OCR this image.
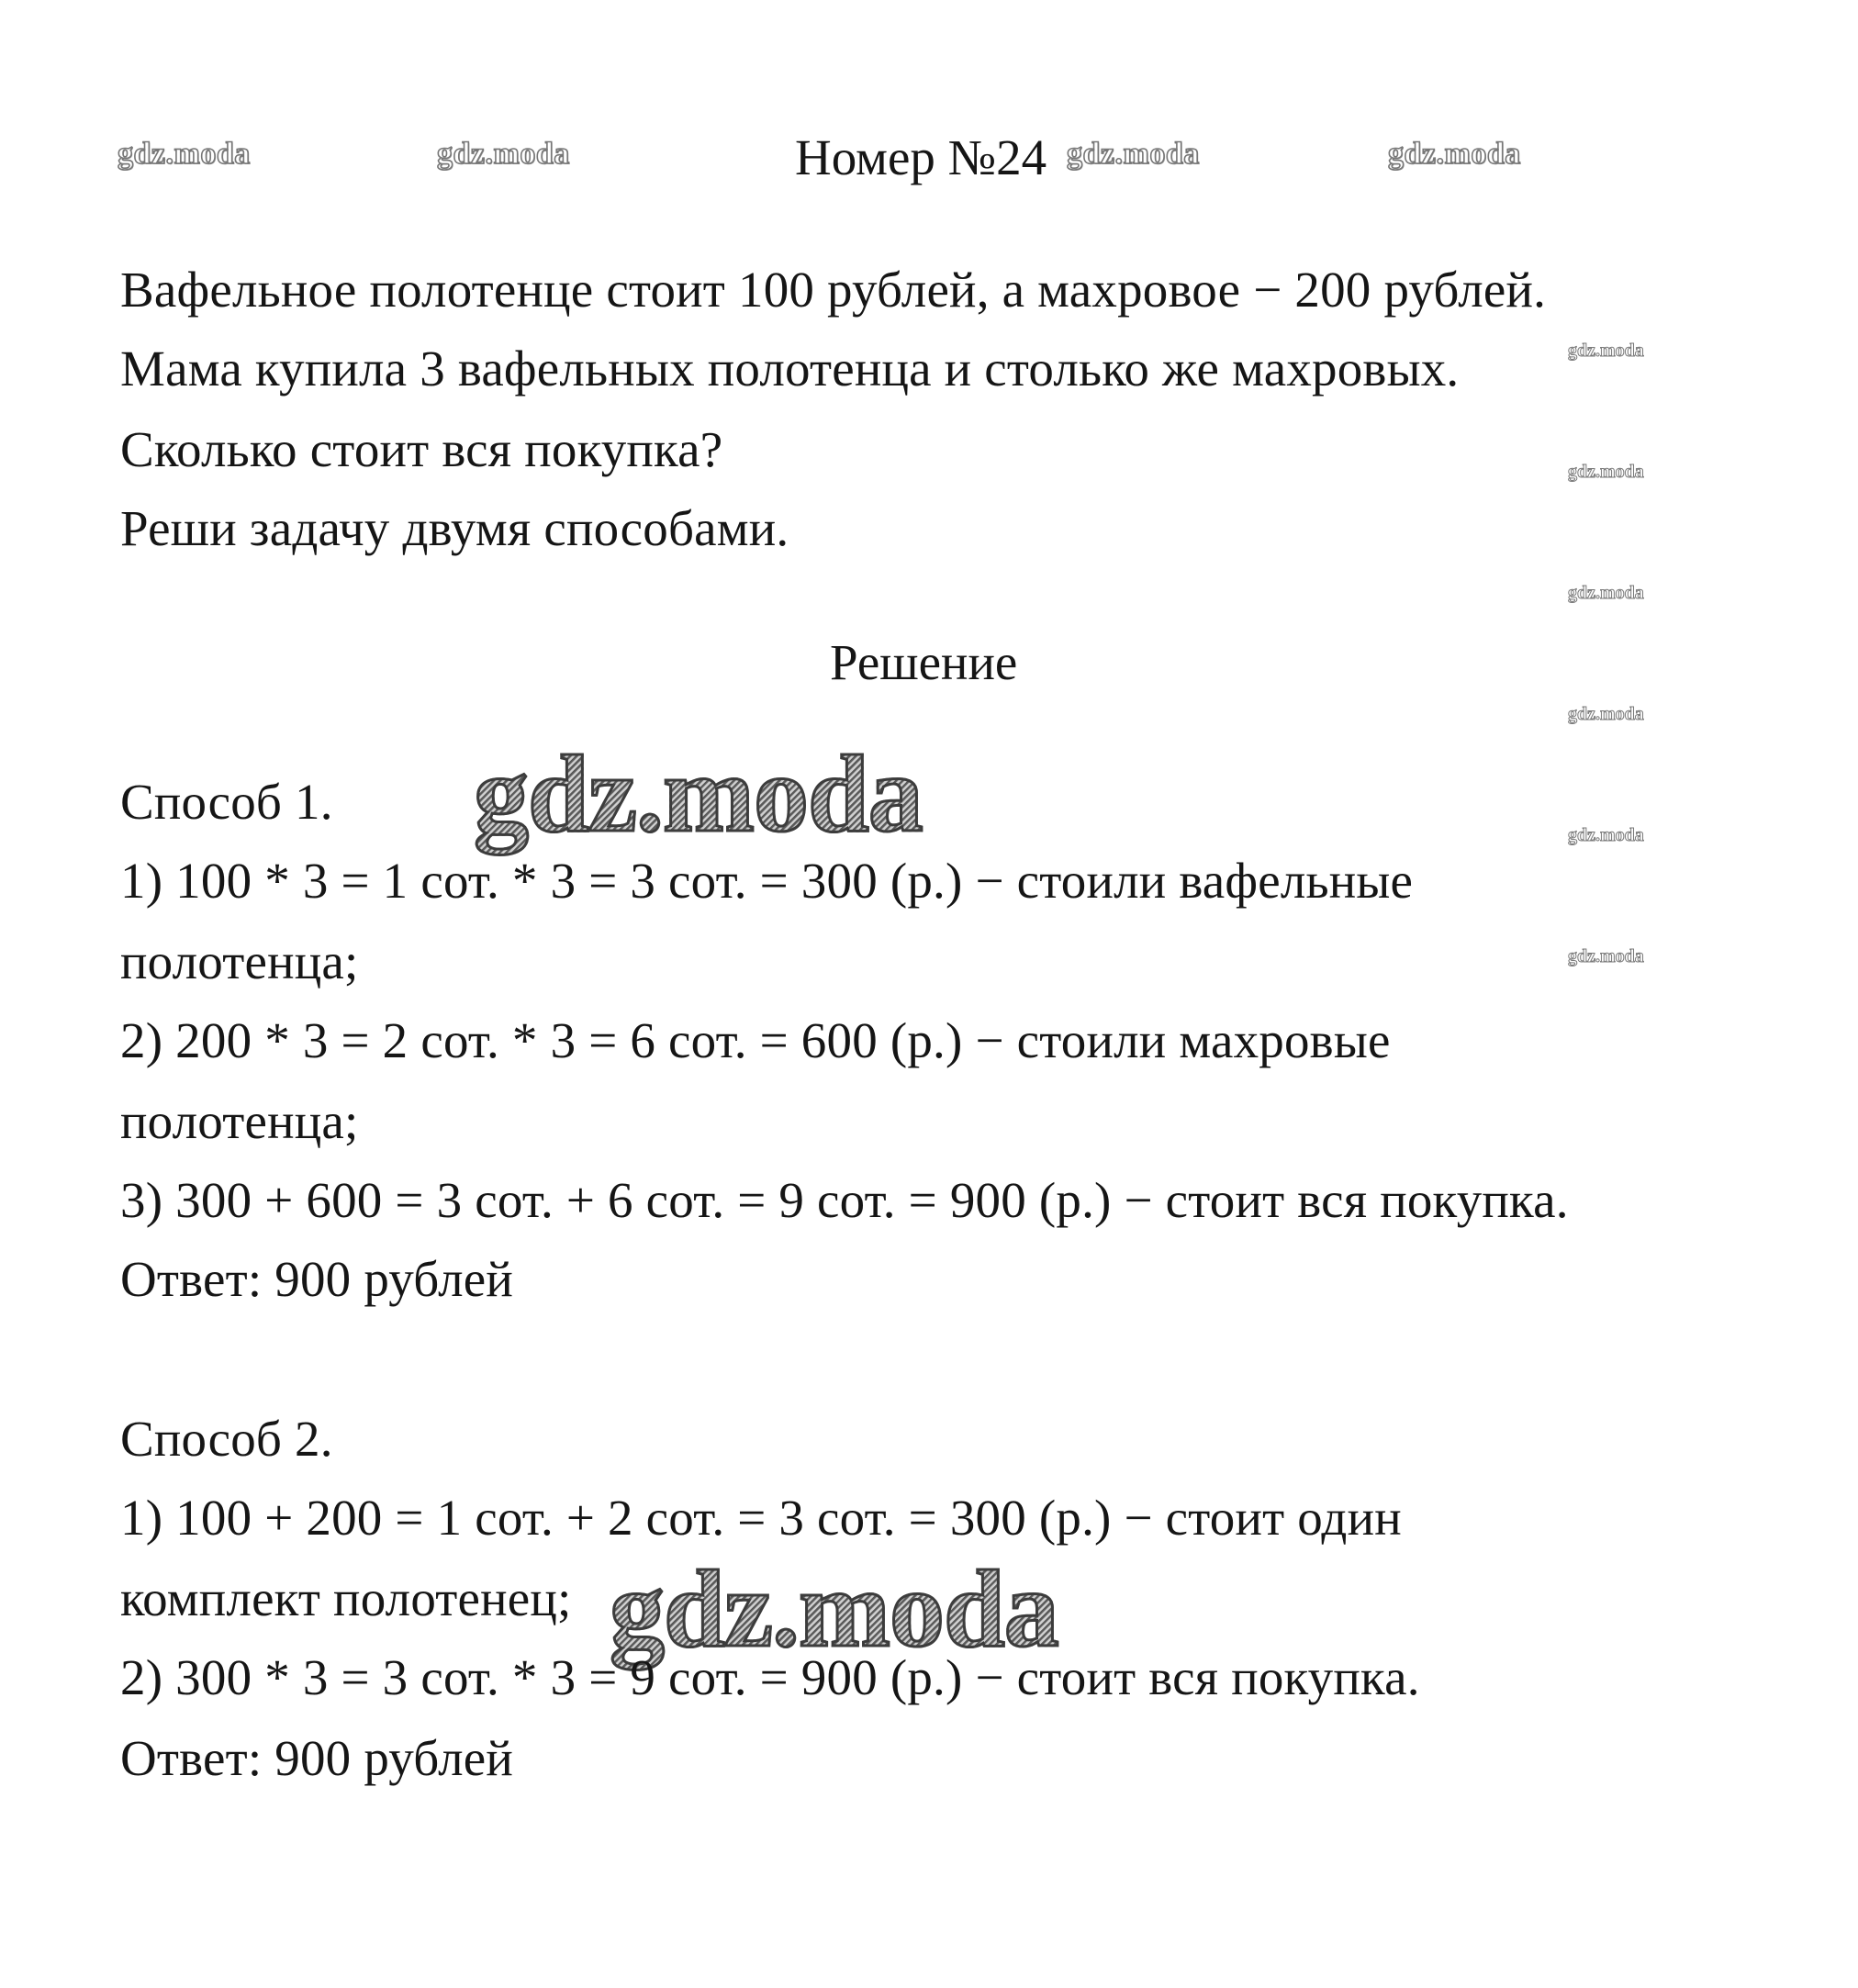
gdz.moda	gdz.moda	gdz.moda	gdz.moda
Номер №24
Вафельное полотенце стоит 100 рублей, а махровое − 200 рублей.
Мама купила 3 вафельных полотенца и столько же махровых.
Сколько стоит вся покупка?
Реши задачу двумя способами.
gdz.moda
gdz.moda
gdz.moda
gdz.moda
gdz.moda
gdz.moda
Решение
Способ 1. gdz.moda
1) 100 * 3 = 1 сот. * 3 = 3 сот. = 300 (р.) − стоили вафельные
полотенца;
2) 200 * 3 = 2 сот. * 3 = 6 сот. = 600 (р.) − стоили махровые
полотенца;
3) 300 + 600 = 3 сот. + 6 сот. = 9 сот. = 900 (р.) − стоит вся покупка.
Ответ: 900 рублей
Способ 2.
1) 100 + 200 = 1 сот. + 2 сот. = 3 сот. = 300 (р.) − стоит один
комплект полотенец; gdz.moda
2) 300 * 3 = 3 сот. * 3 = 9 сот. = 900 (р.) − стоит вся покупка.
Ответ: 900 рублей
